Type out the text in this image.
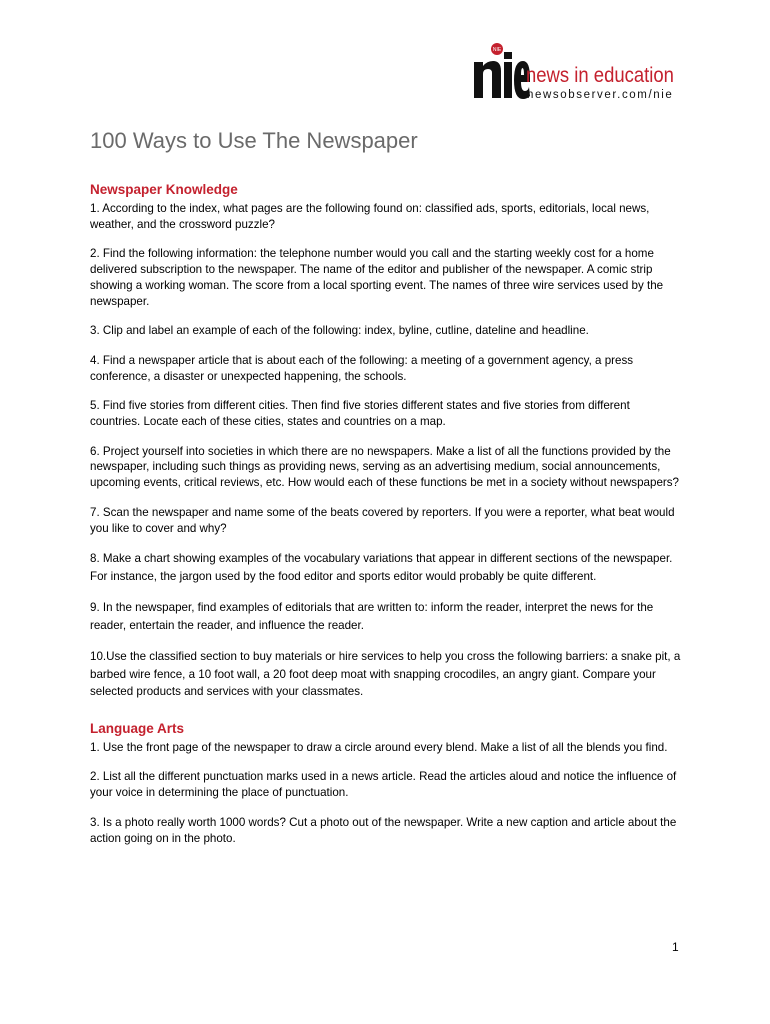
NIE
news in education
newsobserver.com/nie
100 Ways to Use The Newspaper
Newspaper Knowledge

1. According to the index, what pages are the following found on: classified ads, sports, editorials, local news, weather, and the crossword puzzle?

2. Find the following information: the telephone number would you call and the starting weekly cost for a home delivered subscription to the newspaper. The name of the editor and publisher of the newspaper. A comic strip showing a working woman. The score from a local sporting event. The names of three wire services used by the newspaper.

3. Clip and label an example of each of the following: index, byline, cutline, dateline and headline.

4. Find a newspaper article that is about each of the following: a meeting of a government agency, a press conference, a disaster or unexpected happening, the schools.

5. Find five stories from different cities. Then find five stories different states and five stories from different countries. Locate each of these cities, states and countries on a map.

6. Project yourself into societies in which there are no newspapers. Make a list of all the functions provided by the newspaper, including such things as providing news, serving as an advertising medium, social announcements, upcoming events, critical reviews, etc. How would each of these functions be met in a society without newspapers?

7. Scan the newspaper and name some of the beats covered by reporters. If you were a reporter, what beat would you like to cover and why?

8. Make a chart showing examples of the vocabulary variations that appear in different sections of the newspaper. For instance, the jargon used by the food editor and sports editor would probably be quite different.

9. In the newspaper, find examples of editorials that are written to: inform the reader, interpret the news for the reader, entertain the reader, and influence the reader.

10.Use the classified section to buy materials or hire services to help you cross the following barriers: a snake pit, a barbed wire fence, a 10 foot wall, a 20 foot deep moat with snapping crocodiles, an angry giant. Compare your selected products and services with your classmates.

Language Arts

1. Use the front page of the newspaper to draw a circle around every blend. Make a list of all the blends you find.

2. List all the different punctuation marks used in a news article. Read the articles aloud and notice the influence of your voice in determining the place of punctuation.

3. Is a photo really worth 1000 words? Cut a photo out of the newspaper. Write a new caption and article about the action going on in the photo.

1
